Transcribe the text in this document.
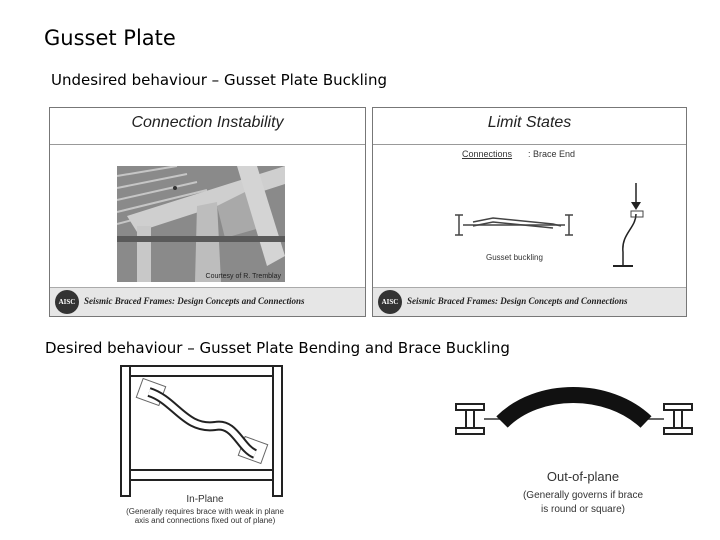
Gusset Plate
Undesired behaviour – Gusset Plate Buckling
Connection Instability
Courtesy of R. Tremblay
AISC Seismic Braced Frames: Design Concepts and Connections
Limit States
Connections : Brace End
Gusset buckling
AISC Seismic Braced Frames: Design Concepts and Connections
Desired behaviour – Gusset Plate Bending and Brace Buckling
In-Plane
(Generally requires brace with weak in plane
axis and connections fixed out of plane)
Out-of-plane
(Generally governs if brace
is round or square)
